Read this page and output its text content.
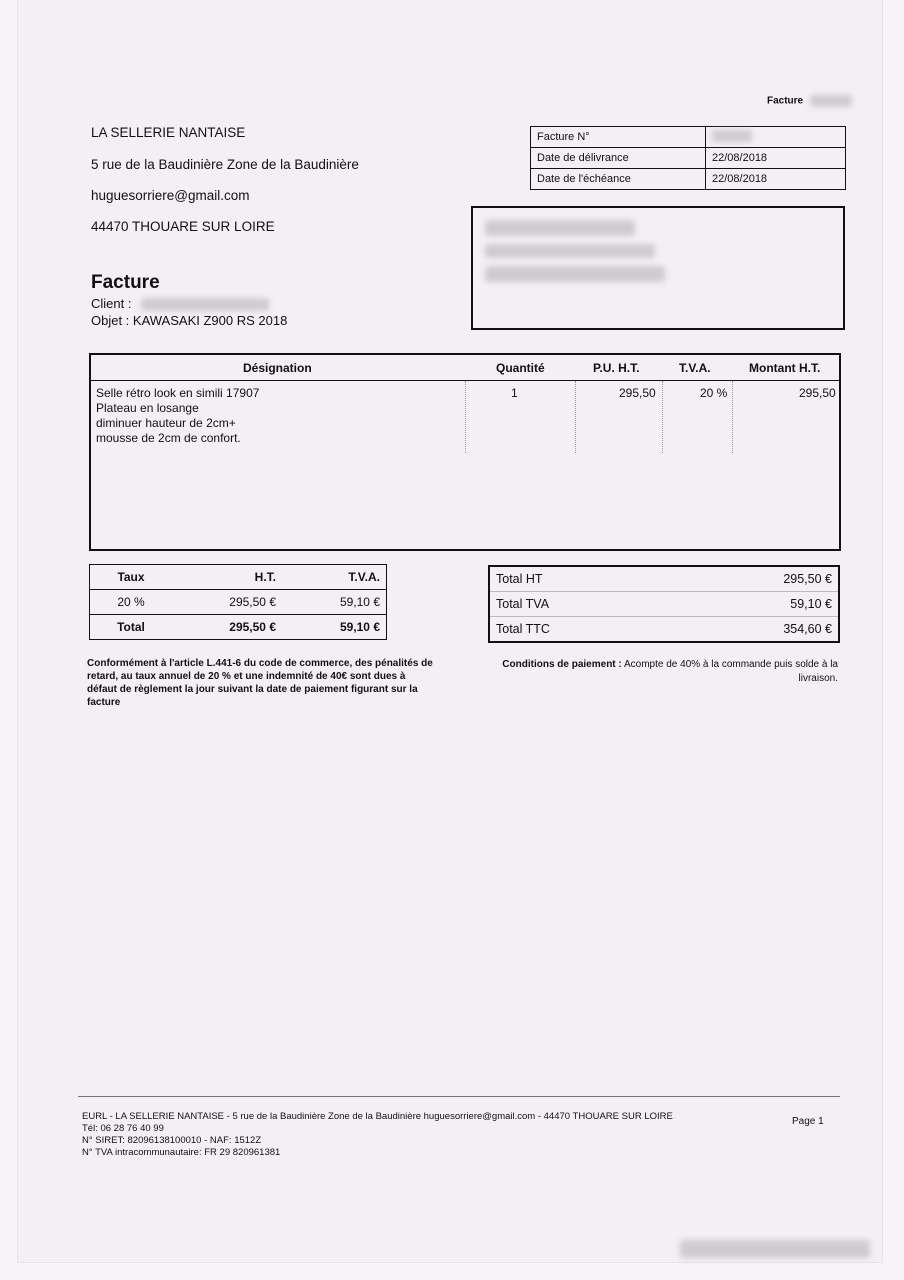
Facture
LA SELLERIE NANTAISE
5 rue de la Baudinière Zone de la Baudinière
huguesorriere@gmail.com
44470 THOUARE SUR LOIRE
Facture N°	
Date de délivrance	22/08/2018
Date de l'échéance	22/08/2018
Facture
Client :
Objet : KAWASAKI Z900 RS 2018
Désignation	Quantité	P.U. H.T.	T.V.A.	Montant H.T.
Selle rétro look en simili 17907
Plateau en losange
diminuer hauteur de 2cm+
mousse de 2cm de confort.
1	295,50	20 %	295,50
Taux	H.T.	T.V.A.
20 %	295,50 €	59,10 €
Total	295,50 €	59,10 €
Total HT	295,50 €
Total TVA	59,10 €
Total TTC	354,60 €
Conformément à l'article L.441-6 du code de commerce, des pénalités de retard, au taux annuel de 20 % et une indemnité de 40€ sont dues à défaut de règlement la jour suivant la date de paiement figurant sur la facture
Conditions de paiement : Acompte de 40% à la commande puis solde à la livraison.
EURL - LA SELLERIE NANTAISE - 5 rue de la Baudinière Zone de la Baudinière huguesorriere@gmail.com - 44470 THOUARE SUR LOIRE
Tél: 06 28 76 40 99
N° SIRET: 82096138100010 - NAF: 1512Z
N° TVA intracommunautaire: FR 29 820961381
Page 1
